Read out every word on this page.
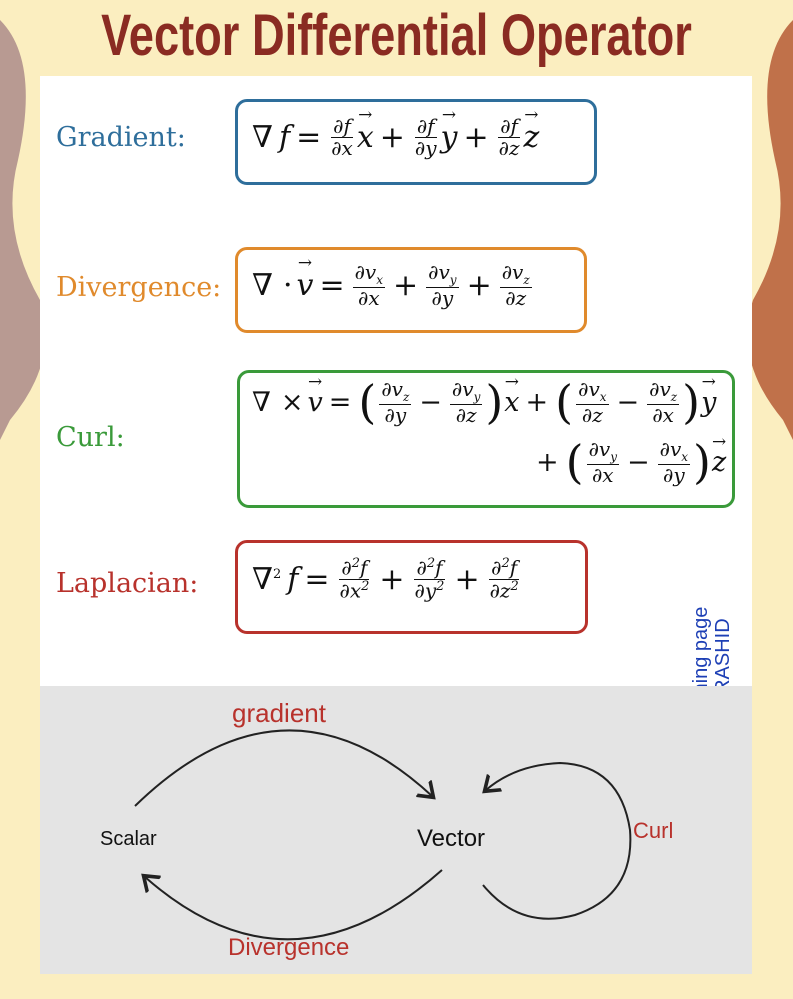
Vector Differential Operator
Gradient: ∇ $f = \frac{\partial f}{\partial x}$
→ $x + \frac{\partial f}{\partial y}$
→ $y + \frac{\partial f}{\partial z}$
→ z
Divergence: ∇ ·
→ $v = \frac{\partial v_x}{\partial x} + \frac{\partial v_y}{\partial y} + \frac{\partial v_z}{\partial z}$
Curl:
∇ ×
→ v = ( $\frac{\partial v_z}{\partial y} - \frac{\partial v_y}{\partial z}$ )
→ x + ( $\frac{\partial v_x}{\partial z} - \frac{\partial v_z}{\partial x}$ )
→ y
+ ( $\frac{\partial v_y}{\partial x} - \frac{\partial v_x}{\partial y}$ )
→ z
Laplacian: ∇$^2$ $f = \frac{\partial^2f}{\partial x^2} + \frac{\partial^2f}{\partial y^2} + \frac{\partial^2f}{\partial z^2}$
gradient
Scalar	Vector	Curl
Divergence
